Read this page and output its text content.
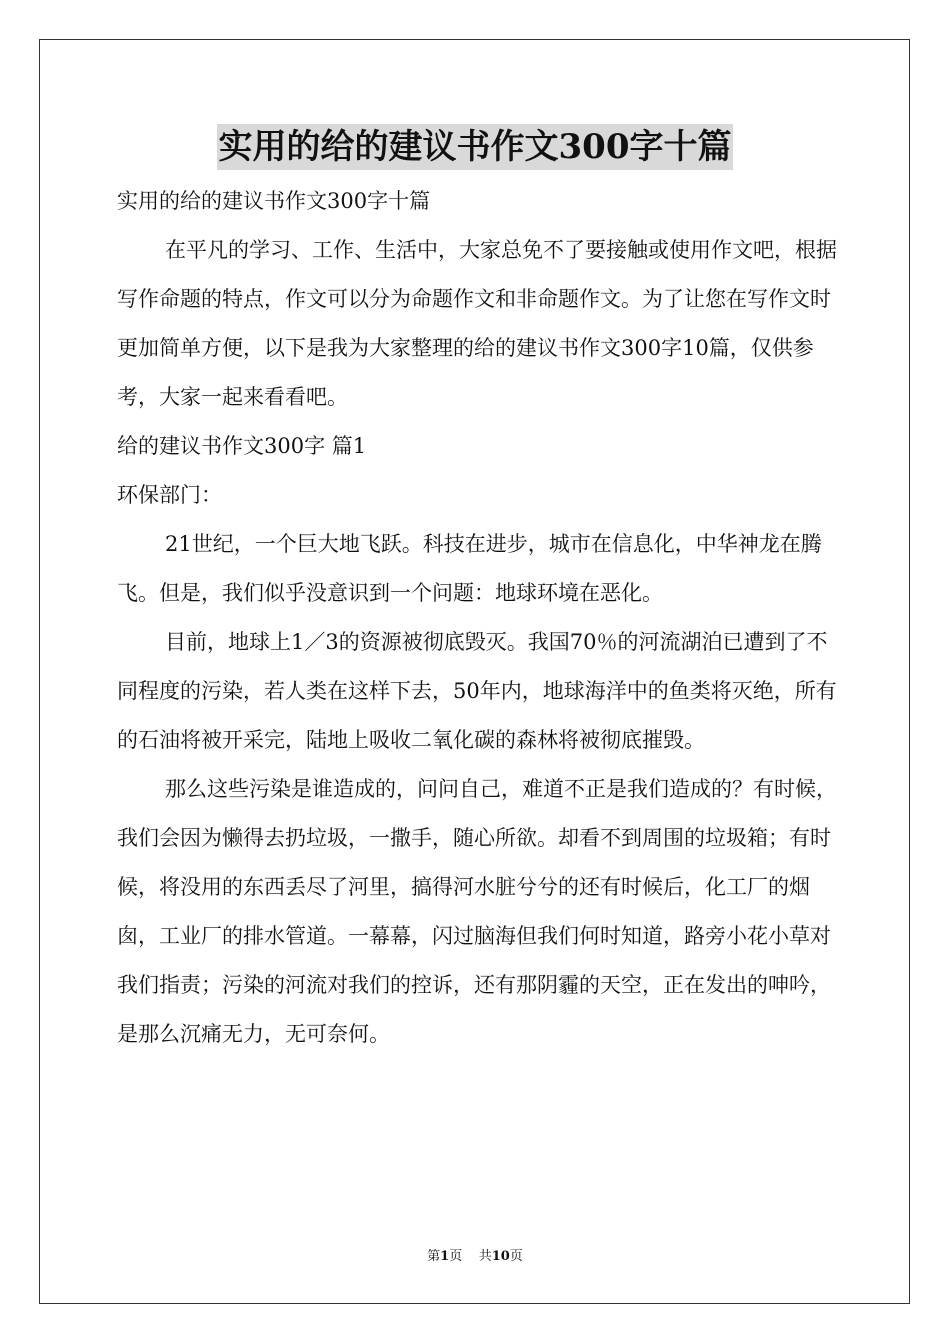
实用的给的建议书作文300字十篇

实用的给的建议书作文300字十篇

在平凡的学习、工作、生活中，大家总免不了要接触或使用作文吧，根据写作命题的特点，作文可以分为命题作文和非命题作文。为了让您在写作文时更加简单方便，以下是我为大家整理的给的建议书作文300字10篇，仅供参考，大家一起来看看吧。

给的建议书作文300字 篇1

环保部门：

21世纪，一个巨大地飞跃。科技在进步，城市在信息化，中华神龙在腾飞。但是，我们似乎没意识到一个问题：地球环境在恶化。

目前，地球上1／3的资源被彻底毁灭。我国70％的河流湖泊已遭到了不同程度的污染，若人类在这样下去，50年内，地球海洋中的鱼类将灭绝，所有的石油将被开采完，陆地上吸收二氧化碳的森林将被彻底摧毁。

那么这些污染是谁造成的，问问自己，难道不正是我们造成的？有时候，我们会因为懒得去扔垃圾，一撒手，随心所欲。却看不到周围的垃圾箱；有时候，将没用的东西丢尽了河里，搞得河水脏兮兮的还有时候后，化工厂的烟囱，工业厂的排水管道。一幕幕，闪过脑海但我们何时知道，路旁小花小草对我们指责；污染的河流对我们的控诉，还有那阴霾的天空，正在发出的呻吟，是那么沉痛无力，无可奈何。

第1页    共10页
